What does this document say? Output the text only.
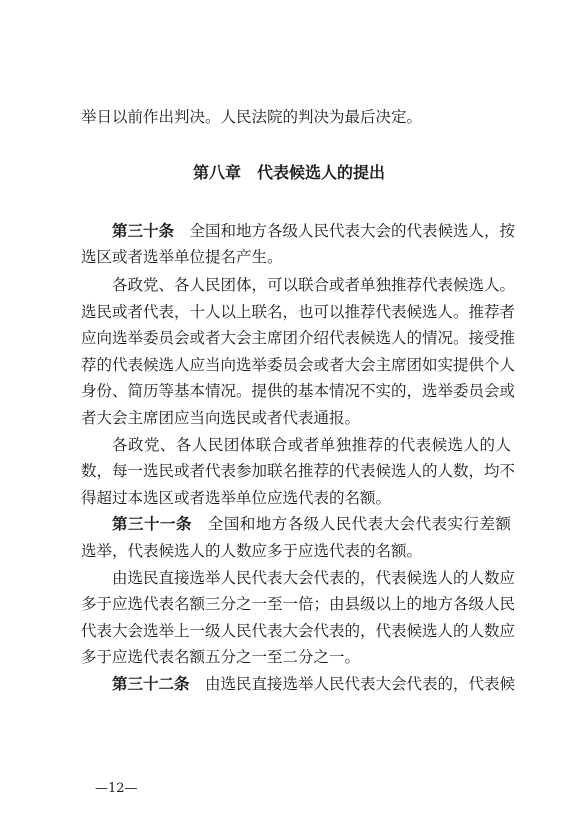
举日以前作出判决。人民法院的判决为最后决定。
第八章　代表候选人的提出
第三十条　 全国和地方各级人民代表大会的代表候选人，按
选区或者选举单位提名产生。
各政党、各人民团体，可以联合或者单独推荐代表候选人。
选民或者代表，十人以上联名，也可以推荐代表候选人。推荐者
应向选举委员会或者大会主席团介绍代表候选人的情况。接受推
荐的代表候选人应当向选举委员会或者大会主席团如实提供个人
身份、简历等基本情况。提供的基本情况不实的，选举委员会或
者大会主席团应当向选民或者代表通报。
各政党、各人民团体联合或者单独推荐的代表候选人的人
数，每一选民或者代表参加联名推荐的代表候选人的人数，均不
得超过本选区或者选举单位应选代表的名额。
第三十一条　 全国和地方各级人民代表大会代表实行差额
选举，代表候选人的人数应多于应选代表的名额。
由选民直接选举人民代表大会代表的，代表候选人的人数应
多于应选代表名额三分之一至一倍；由县级以上的地方各级人民
代表大会选举上一级人民代表大会代表的，代表候选人的人数应
多于应选代表名额五分之一至二分之一。
第三十二条　 由选民直接选举人民代表大会代表的，代表候
—12—
